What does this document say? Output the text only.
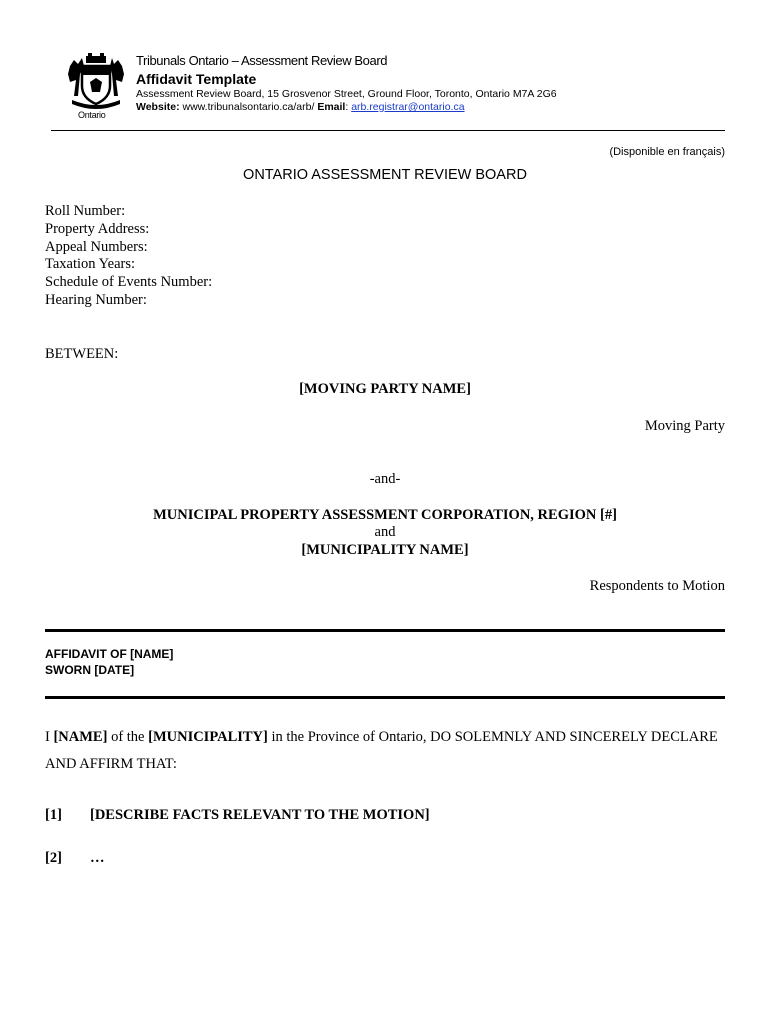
Ontario
Tribunals Ontario – Assessment Review Board
Affidavit Template
Assessment Review Board, 15 Grosvenor Street, Ground Floor, Toronto, Ontario M7A 2G6
Website: www.tribunalsontario.ca/arb/ Email: arb.registrar@ontario.ca
(Disponible en français)
ONTARIO ASSESSMENT REVIEW BOARD
Roll Number:
Property Address:
Appeal Numbers:
Taxation Years:
Schedule of Events Number:
Hearing Number:
BETWEEN:
[MOVING PARTY NAME]
Moving Party
-and-
MUNICIPAL PROPERTY ASSESSMENT CORPORATION, REGION [#]
and
[MUNICIPALITY NAME]
Respondents to Motion
AFFIDAVIT OF [NAME]
SWORN [DATE]
I [NAME] of the [MUNICIPALITY] in the Province of Ontario, DO SOLEMNLY AND SINCERELY DECLARE AND AFFIRM THAT:
[1] [DESCRIBE FACTS RELEVANT TO THE MOTION]
[2] …
